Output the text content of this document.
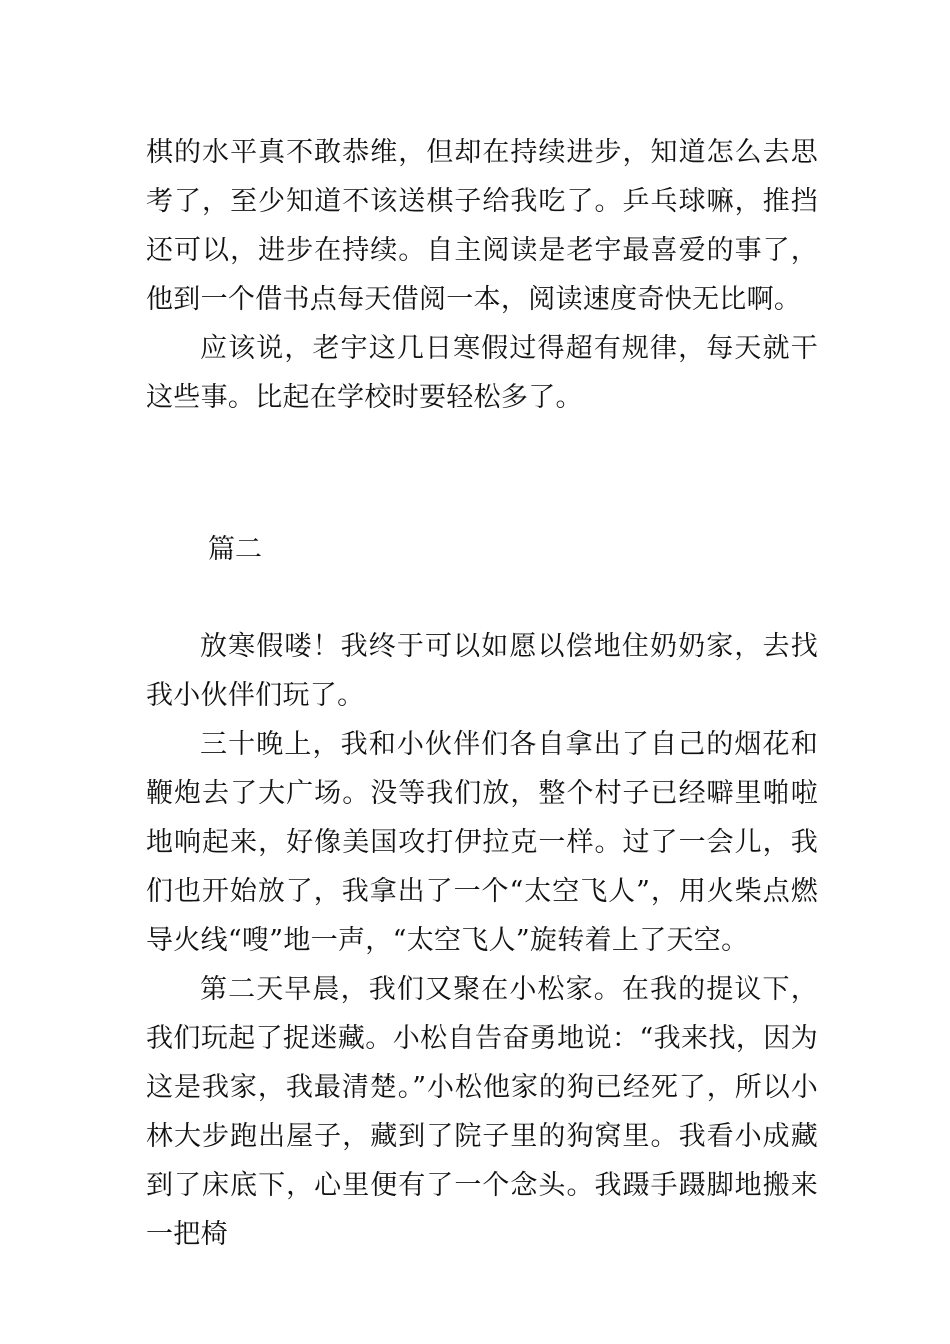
棋的水平真不敢恭维，但却在持续进步，知道怎么去思考了，至少知道不该送棋子给我吃了。乒乓球嘛，推挡还可以，进步在持续。自主阅读是老宇最喜爱的事了，他到一个借书点每天借阅一本，阅读速度奇快无比啊。

应该说，老宇这几日寒假过得超有规律，每天就干这些事。比起在学校时要轻松多了。

篇二

放寒假喽！我终于可以如愿以偿地住奶奶家，去找我小伙伴们玩了。

三十晚上，我和小伙伴们各自拿出了自己的烟花和鞭炮去了大广场。没等我们放，整个村子已经噼里啪啦地响起来，好像美国攻打伊拉克一样。过了一会儿，我们也开始放了，我拿出了一个“太空飞人”，用火柴点燃导火线“嗖”地一声，“太空飞人”旋转着上了天空。

第二天早晨，我们又聚在小松家。在我的提议下，我们玩起了捉迷藏。小松自告奋勇地说：“我来找，因为这是我家，我最清楚。”小松他家的狗已经死了，所以小林大步跑出屋子，藏到了院子里的狗窝里。我看小成藏到了床底下，心里便有了一个念头。我蹑手蹑脚地搬来一把椅
